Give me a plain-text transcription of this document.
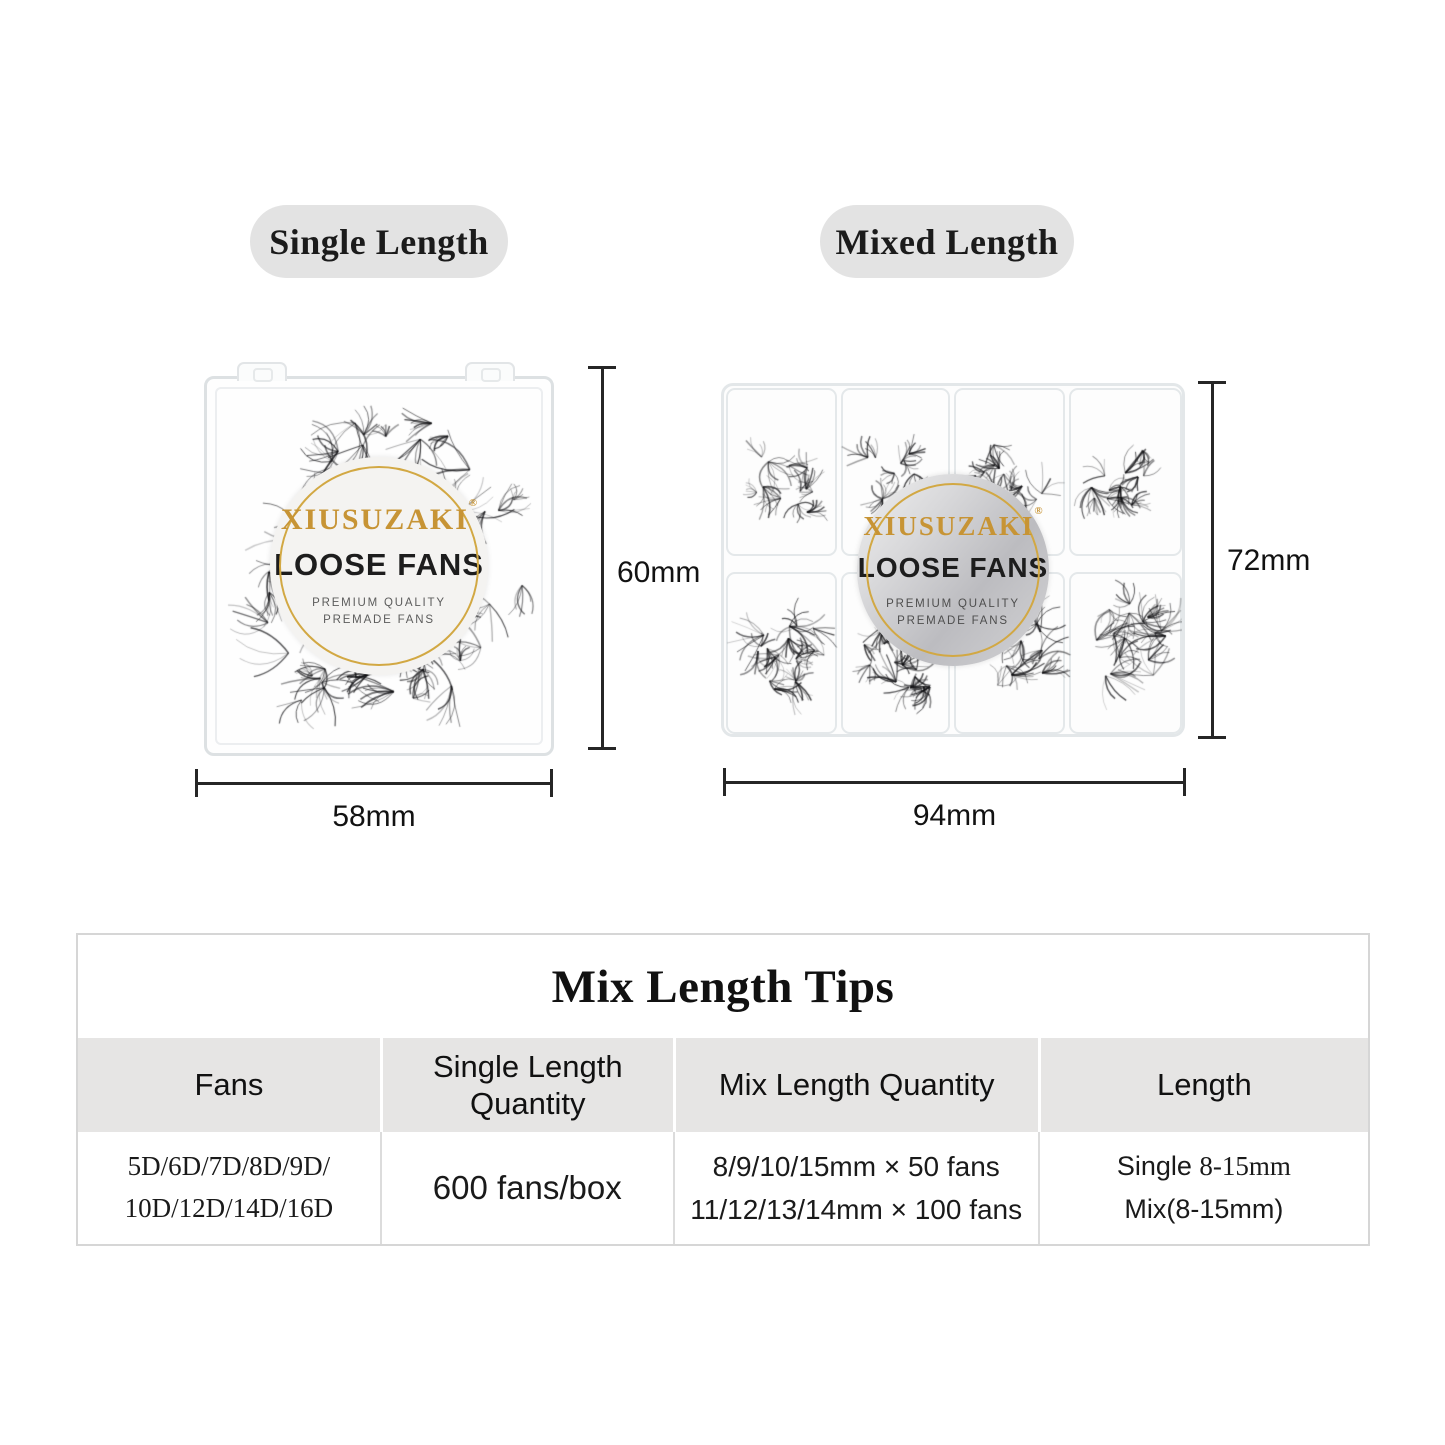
Single Length	Mixed Length
XIUSUZAKI®
LOOSE FANS
PREMIUM QUALITY
PREMADE FANS
XIUSUZAKI®
LOOSE FANS
PREMIUM QUALITY
PREMADE FANS
60mm
58mm
72mm
94mm
Mix Length Tips
Fans
Single Length Quantity
Mix Length Quantity	Length
5D/6D/7D/8D/9D/
10D/12D/14D/16D
600 fans/box
8/9/10/15mm × 50 fans
11/12/13/14mm × 100 fans
Single 8-15mm
Mix(8-15mm)
